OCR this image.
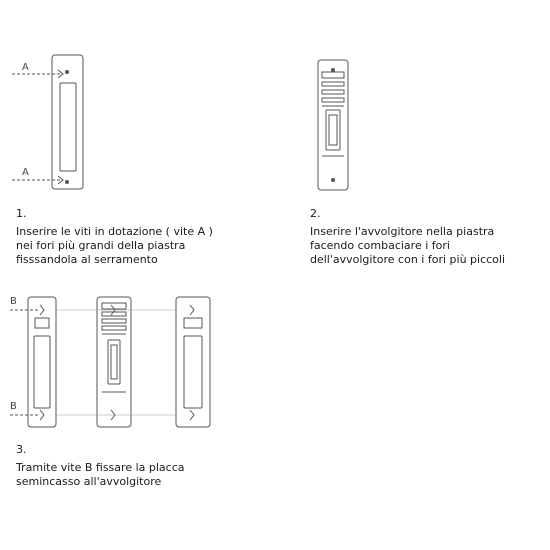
A
A
B
B
1.
Inserire le viti in dotazione ( vite A )
nei fori più grandi della piastra
fisssandola al serramento
2.
Inserire l'avvolgitore nella piastra
facendo combaciare i fori
dell'avvolgitore con i fori più piccoli
3.
Tramite vite B fissare la placca
semincasso all'avvolgitore
